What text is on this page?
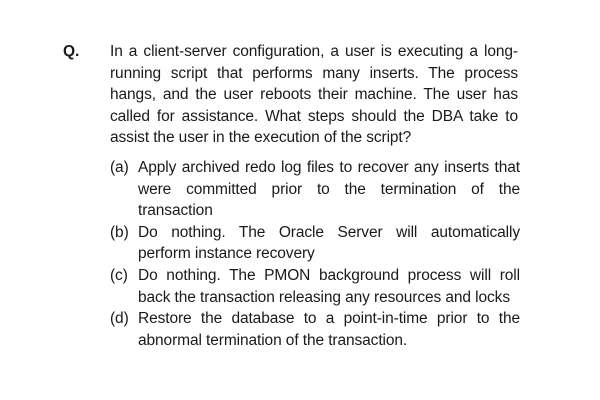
Q. In a client-server configuration, a user is executing a long-running script that performs many inserts. The process hangs, and the user reboots their machine. The user has called for assistance. What steps should the DBA take to assist the user in the execution of the script?

(a) Apply archived redo log files to recover any inserts that were committed prior to the termination of the transaction
(b) Do nothing. The Oracle Server will automatically perform instance recovery
(c) Do nothing. The PMON background process will roll back the transaction releasing any resources and locks
(d) Restore the database to a point-in-time prior to the abnormal termination of the transaction.
